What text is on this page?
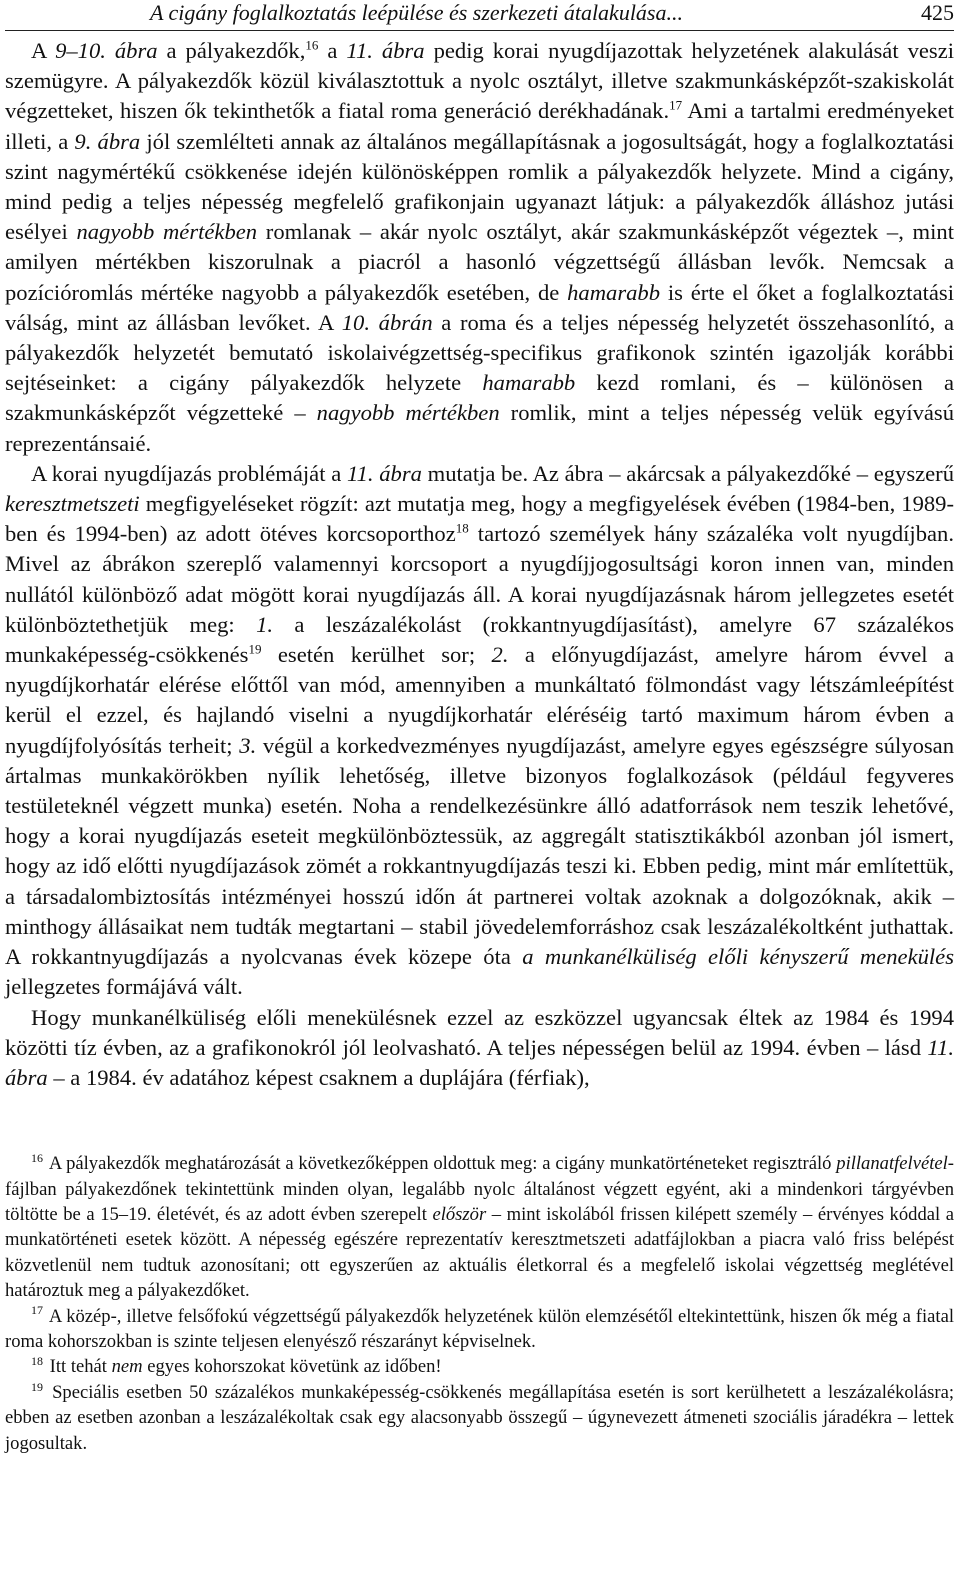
A cigány foglalkoztatás leépülése és szerkezeti átalakulása...	425

A 9–10. ábra a pályakezdők,$^{16}$ a 11. ábra pedig korai nyugdíjazottak helyzetének alakulását veszi szemügyre. A pályakezdők közül kiválasztottuk a nyolc osztályt, illetve szakmunkásképzőt-szakiskolát végzetteket, hiszen ők tekinthetők a fiatal roma generáció derékhadának.$^{17}$ Ami a tartalmi eredményeket illeti, a 9. ábra jól szemlélteti annak az általános megállapításnak a jogosultságát, hogy a foglalkoztatási szint nagymértékű csökkenése idején különösképpen romlik a pályakezdők helyzete. Mind a cigány, mind pedig a teljes népesség megfelelő grafikonjain ugyanazt látjuk: a pályakezdők álláshoz jutási esélyei nagyobb mértékben romlanak – akár nyolc osztályt, akár szakmunkásképzőt végeztek –, mint amilyen mértékben kiszorulnak a piacról a hasonló végzettségű állásban levők. Nemcsak a pozícióromlás mértéke nagyobb a pályakezdők esetében, de hamarabb is érte el őket a foglalkoztatási válság, mint az állásban levőket. A 10. ábrán a roma és a teljes népesség helyzetét összehasonlító, a pályakezdők helyzetét bemutató iskolaivégzettség-specifikus grafikonok szintén igazolják korábbi sejtéseinket: a cigány pályakezdők helyzete hamarabb kezd romlani, és – különösen a szakmunkásképzőt végzetteké – nagyobb mértékben romlik, mint a teljes népesség velük egyívású reprezentánsaié.

A korai nyugdíjazás problémáját a 11. ábra mutatja be. Az ábra – akárcsak a pályakezdőké – egyszerű keresztmetszeti megfigyeléseket rögzít: azt mutatja meg, hogy a megfigyelések évében (1984-ben, 1989-ben és 1994-ben) az adott ötéves korcsoporthoz$^{18}$ tartozó személyek hány százaléka volt nyugdíjban. Mivel az ábrákon szereplő valamennyi korcsoport a nyugdíjjogosultsági koron innen van, minden nullától különböző adat mögött korai nyugdíjazás áll. A korai nyugdíjazásnak három jellegzetes esetét különböztethetjük meg: 1. a leszázalékolást (rokkantnyugdíjasítást), amelyre 67 százalékos munkaképesség-csökkenés$^{19}$ esetén kerülhet sor; 2. a előnyugdíjazást, amelyre három évvel a nyugdíjkorhatár elérése előttől van mód, amennyiben a munkáltató fölmondást vagy létszámleépítést kerül el ezzel, és hajlandó viselni a nyugdíjkorhatár eléréséig tartó maximum három évben a nyugdíjfolyósítás terheit; 3. végül a korkedvezményes nyugdíjazást, amelyre egyes egészségre súlyosan ártalmas munkakörökben nyílik lehetőség, illetve bizonyos foglalkozások (például fegyveres testületeknél végzett munka) esetén. Noha a rendelkezésünkre álló adatforrások nem teszik lehetővé, hogy a korai nyugdíjazás eseteit megkülönböztessük, az aggregált statisztikákból azonban jól ismert, hogy az idő előtti nyugdíjazások zömét a rokkantnyugdíjazás teszi ki. Ebben pedig, mint már említettük, a társadalombiztosítás intézményei hosszú időn át partnerei voltak azoknak a dolgozóknak, akik – minthogy állásaikat nem tudták megtartani – stabil jövedelemforráshoz csak leszázalékoltként juthattak. A rokkantnyugdíjazás a nyolcvanas évek közepe óta a munkanélküliség előli kényszerű menekülés jellegzetes formájává vált.

Hogy munkanélküliség előli menekülésnek ezzel az eszközzel ugyancsak éltek az 1984 és 1994 közötti tíz évben, az a grafikonokról jól leolvasható. A teljes népességen belül az 1994. évben – lásd 11. ábra – a 1984. év adatához képest csaknem a duplájára (férfiak),

$^{16}$ A pályakezdők meghatározását a következőképpen oldottuk meg: a cigány munkatörténeteket regisztráló pillanatfelvétel-fájlban pályakezdőnek tekintettünk minden olyan, legalább nyolc általánost végzett egyént, aki a mindenkori tárgyévben töltötte be a 15–19. életévét, és az adott évben szerepelt először – mint iskolából frissen kilépett személy – érvényes kóddal a munkatörténeti esetek között. A népesség egészére reprezentatív keresztmetszeti adatfájlokban a piacra való friss belépést közvetlenül nem tudtuk azonosítani; ott egyszerűen az aktuális életkorral és a megfelelő iskolai végzettség meglétével határoztuk meg a pályakezdőket.

$^{17}$ A közép-, illetve felsőfokú végzettségű pályakezdők helyzetének külön elemzésétől eltekintettünk, hiszen ők még a fiatal roma kohorszokban is szinte teljesen elenyésző részarányt képviselnek.

$^{18}$ Itt tehát nem egyes kohorszokat követünk az időben!

$^{19}$ Speciális esetben 50 százalékos munkaképesség-csökkenés megállapítása esetén is sort kerülhetett a leszázalékolásra; ebben az esetben azonban a leszázalékoltak csak egy alacsonyabb összegű – úgynevezett átmeneti szociális járadékra – lettek jogosultak.
